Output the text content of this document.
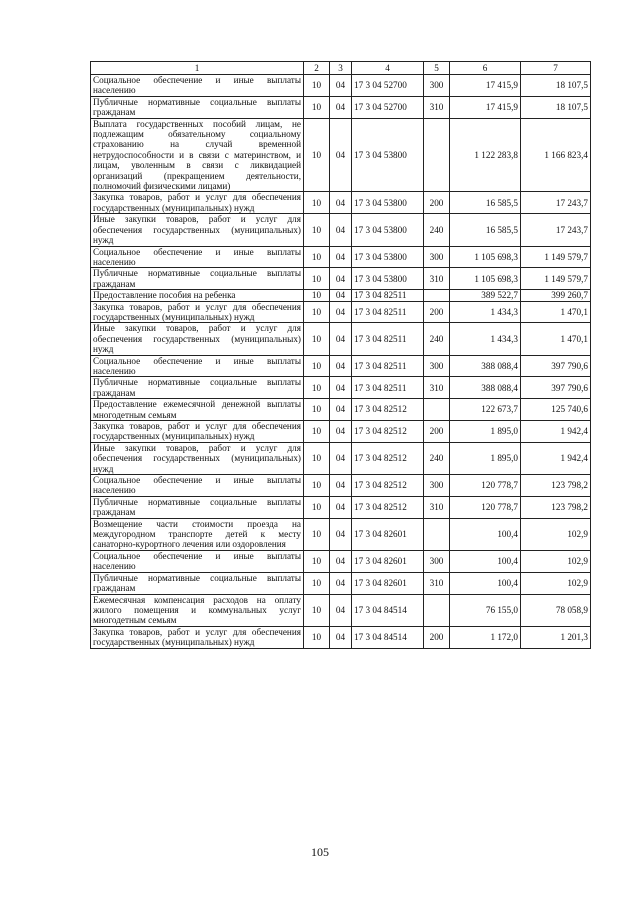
1	2	3	4	5	6	7
Социальное обеспечение и иные выплаты населению	10	04	17 3 04 52700	300	17 415,9	18 107,5
Публичные нормативные социальные выплаты гражданам	10	04	17 3 04 52700	310	17 415,9	18 107,5
Выплата государственных пособий лицам, не подлежащим обязательному социальному страхованию на случай временной нетрудоспособности и в связи с материнством, и лицам, уволенным в связи с ликвидацией организаций (прекращением деятельности, полномочий физическими лицами)	10	04	17 3 04 53800		1 122 283,8	1 166 823,4
Закупка товаров, работ и услуг для обеспечения государственных (муниципальных) нужд	10	04	17 3 04 53800	200	16 585,5	17 243,7
Иные закупки товаров, работ и услуг для обеспечения государственных (муниципальных) нужд	10	04	17 3 04 53800	240	16 585,5	17 243,7
Социальное обеспечение и иные выплаты населению	10	04	17 3 04 53800	300	1 105 698,3	1 149 579,7
Публичные нормативные социальные выплаты гражданам	10	04	17 3 04 53800	310	1 105 698,3	1 149 579,7
Предоставление пособия на ребенка	10	04	17 3 04 82511		389 522,7	399 260,7
Закупка товаров, работ и услуг для обеспечения государственных (муниципальных) нужд	10	04	17 3 04 82511	200	1 434,3	1 470,1
Иные закупки товаров, работ и услуг для обеспечения государственных (муниципальных) нужд	10	04	17 3 04 82511	240	1 434,3	1 470,1
Социальное обеспечение и иные выплаты населению	10	04	17 3 04 82511	300	388 088,4	397 790,6
Публичные нормативные социальные выплаты гражданам	10	04	17 3 04 82511	310	388 088,4	397 790,6
Предоставление ежемесячной денежной выплаты многодетным семьям	10	04	17 3 04 82512		122 673,7	125 740,6
Закупка товаров, работ и услуг для обеспечения государственных (муниципальных) нужд	10	04	17 3 04 82512	200	1 895,0	1 942,4
Иные закупки товаров, работ и услуг для обеспечения государственных (муниципальных) нужд	10	04	17 3 04 82512	240	1 895,0	1 942,4
Социальное обеспечение и иные выплаты населению	10	04	17 3 04 82512	300	120 778,7	123 798,2
Публичные нормативные социальные выплаты гражданам	10	04	17 3 04 82512	310	120 778,7	123 798,2
Возмещение части стоимости проезда на междугородном транспорте детей к месту санаторно-курортного лечения или оздоровления	10	04	17 3 04 82601		100,4	102,9
Социальное обеспечение и иные выплаты населению	10	04	17 3 04 82601	300	100,4	102,9
Публичные нормативные социальные выплаты гражданам	10	04	17 3 04 82601	310	100,4	102,9
Ежемесячная компенсация расходов на оплату жилого помещения и коммунальных услуг многодетным семьям	10	04	17 3 04 84514		76 155,0	78 058,9
Закупка товаров, работ и услуг для обеспечения государственных (муниципальных) нужд	10	04	17 3 04 84514	200	1 172,0	1 201,3
105
